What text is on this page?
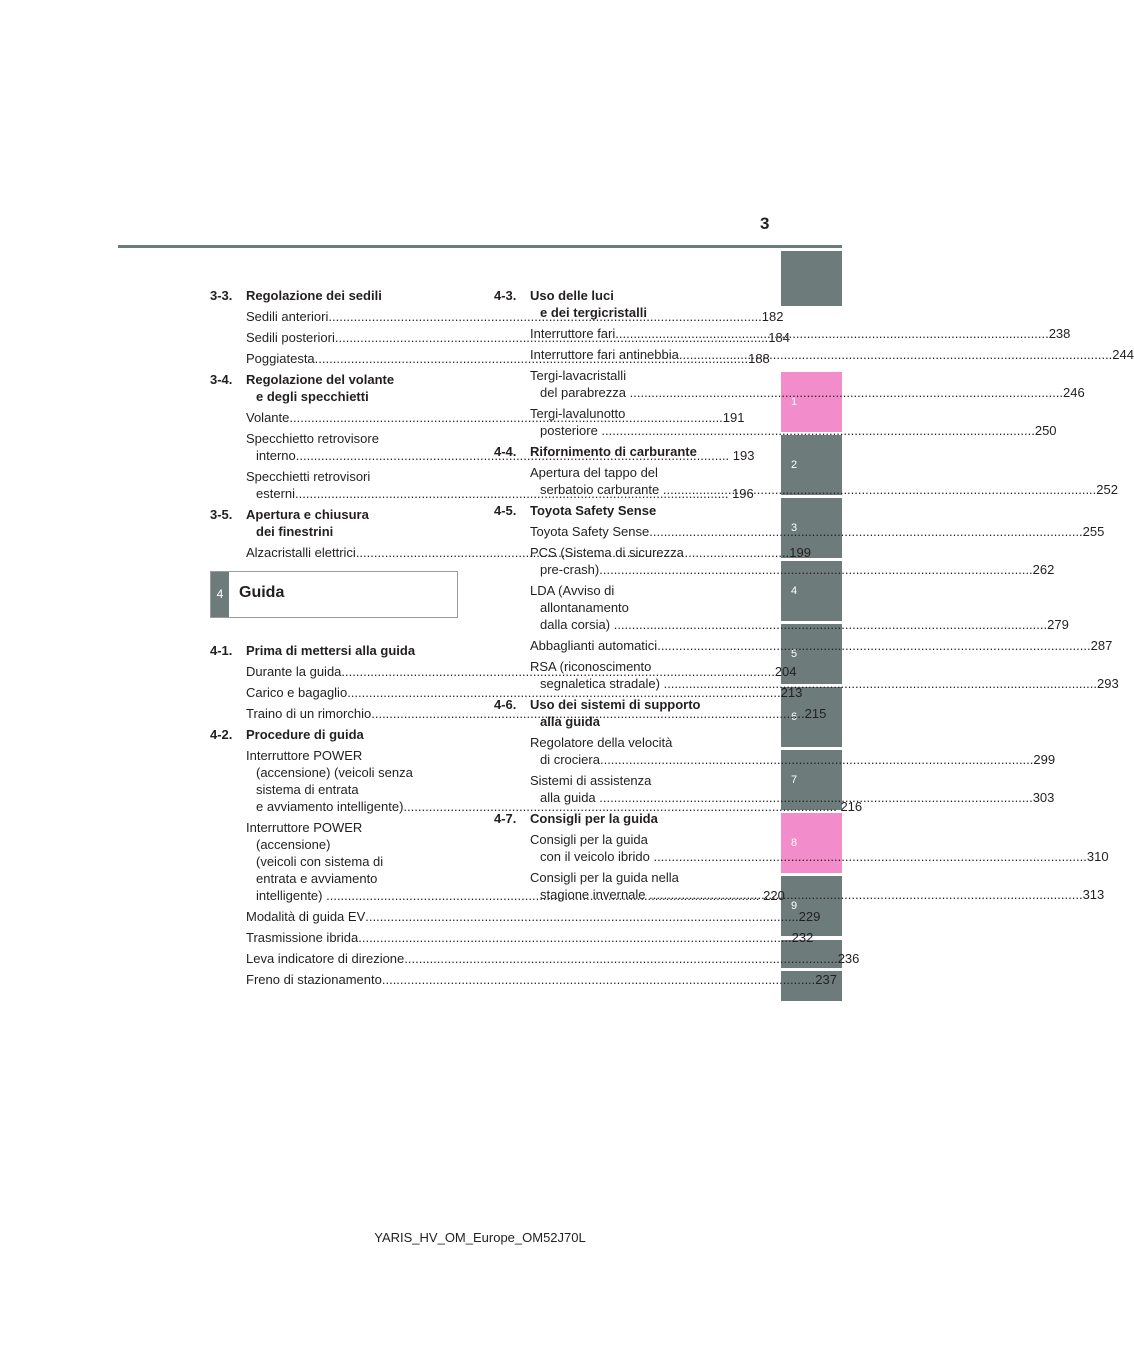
3
1
2
3
4
5
6
7
8
9
3-3. Regolazione dei sedili
Sedili anteriori .....	182
Sedili posteriori .....	184
Poggiatesta .....	188
3-4. Regolazione del volante
e degli specchietti
Volante .....	191
Specchietto retrovisore
interno .....	193
Specchietti retrovisori
esterni .....	196
3-5. Apertura e chiusura
dei finestrini
Alzacristalli elettrici .....	199
4 Guida
4-1. Prima di mettersi alla guida
Durante la guida .....	204
Carico e bagaglio .....	213
Traino di un rimorchio .....	215
4-2. Procedure di guida
Interruttore POWER
(accensione) (veicoli senza
sistema di entrata
e avviamento intelligente) .....	216
Interruttore POWER
(accensione)
(veicoli con sistema di
entrata e avviamento
intelligente) .....	220
Modalità di guida EV .....	229
Trasmissione ibrida .....	232
Leva indicatore di direzione .....	236
Freno di stazionamento .....	237
4-3. Uso delle luci
e dei tergicristalli
Interruttore fari .....	238
Interruttore fari antinebbia .....	244
Tergi-lavacristalli
del parabrezza .....	246
Tergi-lavalunotto
posteriore .....	250
4-4. Rifornimento di carburante
Apertura del tappo del
serbatoio carburante .....	252
4-5. Toyota Safety Sense
Toyota Safety Sense .....	255
PCS (Sistema di sicurezza
pre-crash) .....	262
LDA (Avviso di
allontanamento
dalla corsia) .....	279
Abbaglianti automatici .....	287
RSA (riconoscimento
segnaletica stradale) .....	293
4-6. Uso dei sistemi di supporto
alla guida
Regolatore della velocità
di crociera .....	299
Sistemi di assistenza
alla guida .....	303
4-7. Consigli per la guida
Consigli per la guida
con il veicolo ibrido .....	310
Consigli per la guida nella
stagione invernale .....	313
YARIS_HV_OM_Europe_OM52J70L
